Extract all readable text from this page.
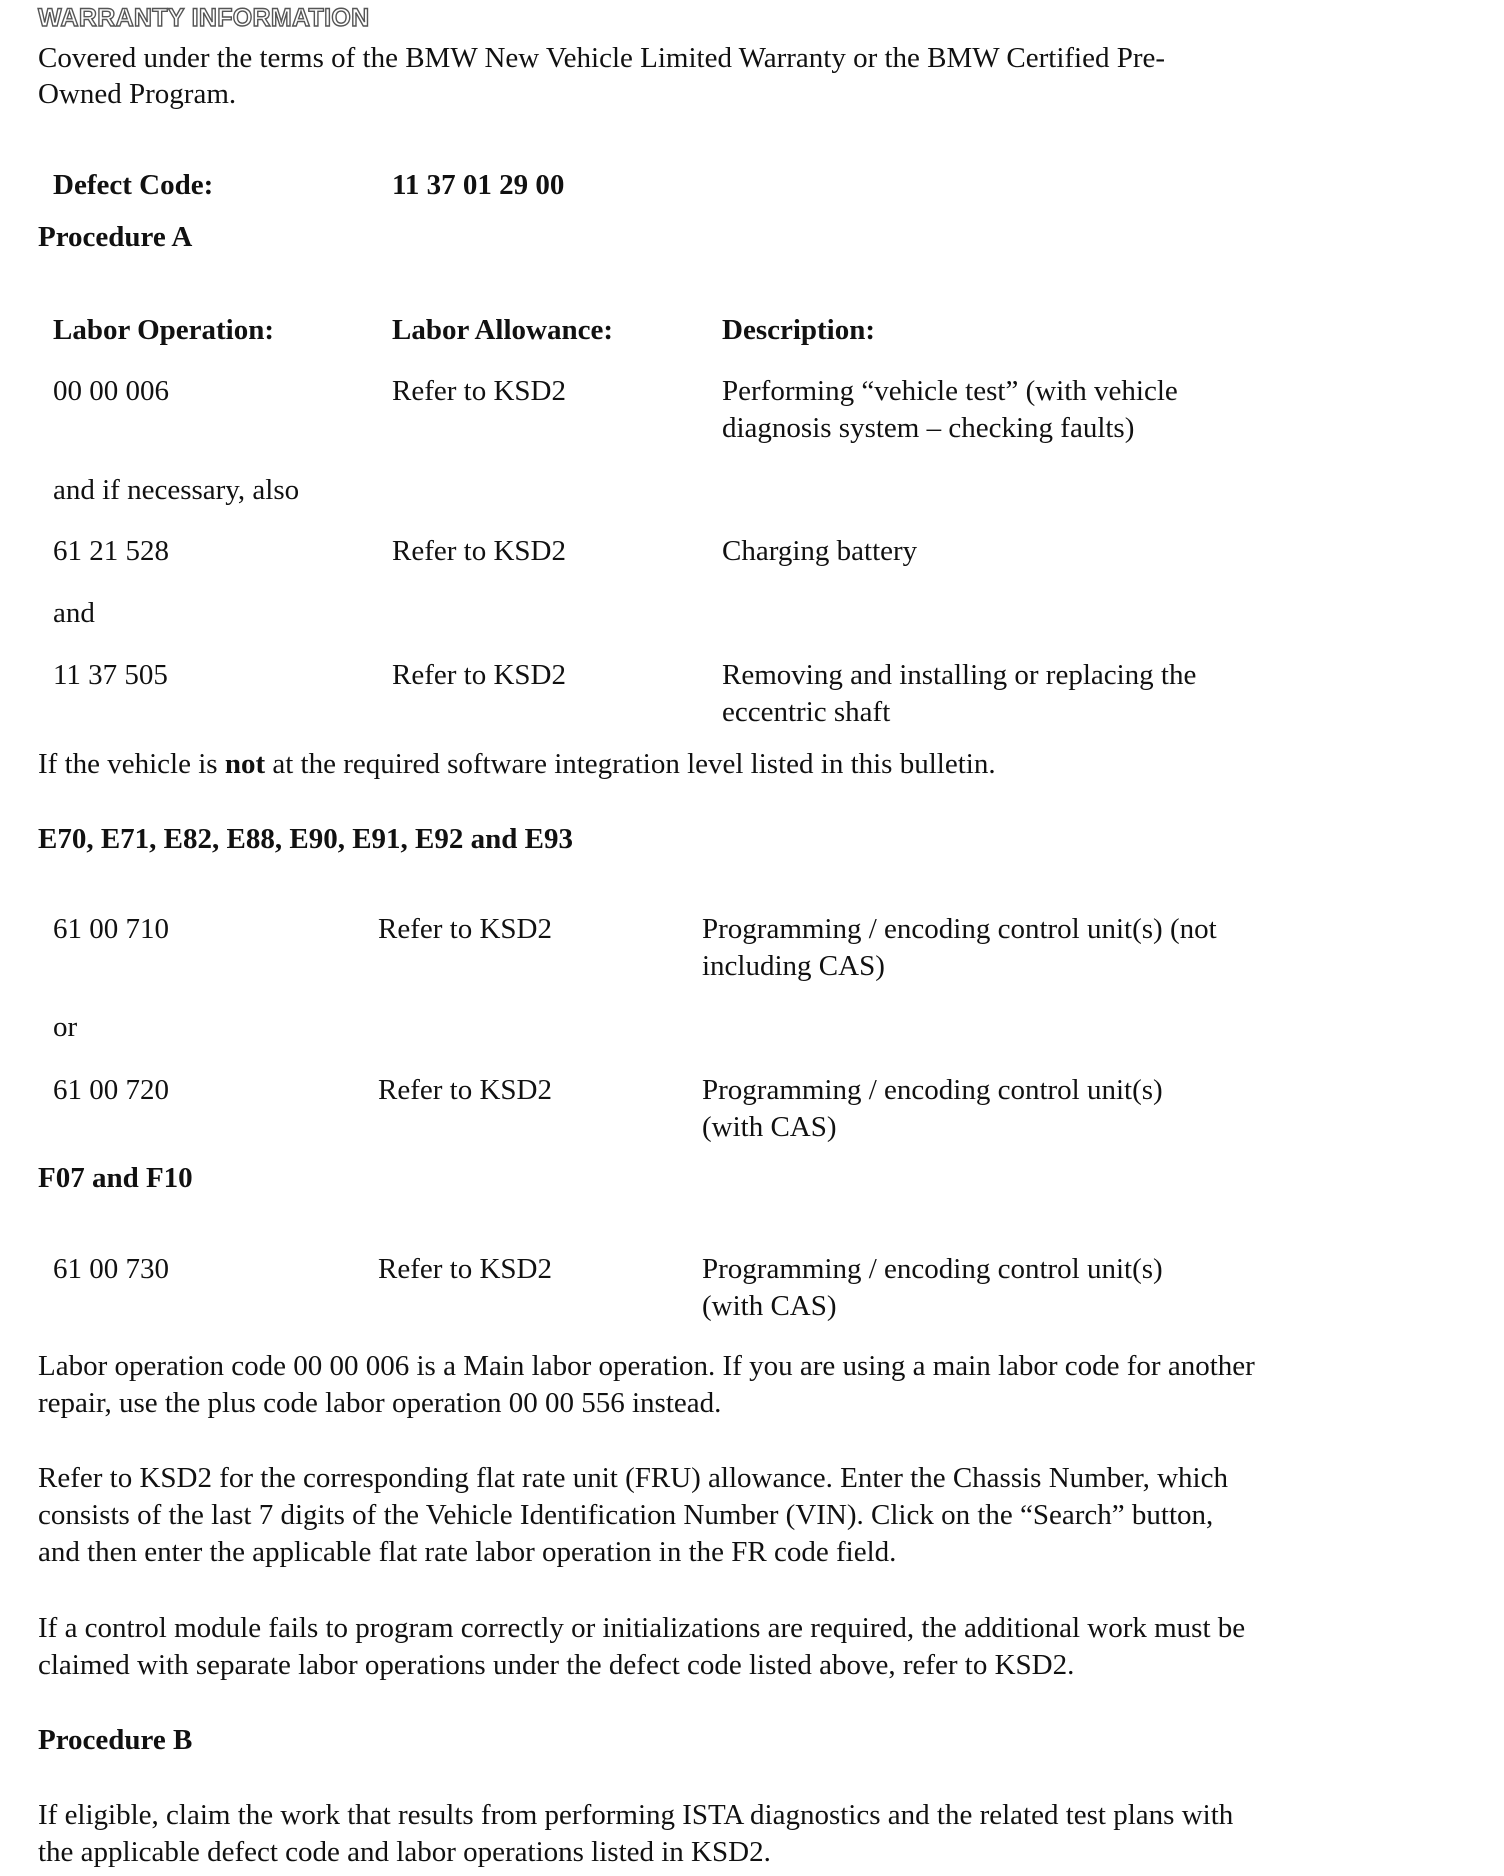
WARRANTY INFORMATION
Covered under the terms of the BMW New Vehicle Limited Warranty or the BMW Certified Pre-
Owned Program.
Defect Code:	11 37 01 29 00
Procedure A
Labor Operation:	Labor Allowance:	Description:
00 00 006	Refer to KSD2	Performing “vehicle test” (with vehicle
diagnosis system – checking faults)
and if necessary, also
61 21 528	Refer to KSD2	Charging battery
and
11 37 505	Refer to KSD2	Removing and installing or replacing the
eccentric shaft
If the vehicle is not at the required software integration level listed in this bulletin.
E70, E71, E82, E88, E90, E91, E92 and E93
61 00 710	Refer to KSD2	Programming / encoding control unit(s) (not
including CAS)
or
61 00 720	Refer to KSD2	Programming / encoding control unit(s)
(with CAS)
F07 and F10
61 00 730	Refer to KSD2	Programming / encoding control unit(s)
(with CAS)
Labor operation code 00 00 006 is a Main labor operation. If you are using a main labor code for another
repair, use the plus code labor operation 00 00 556 instead.
Refer to KSD2 for the corresponding flat rate unit (FRU) allowance. Enter the Chassis Number, which
consists of the last 7 digits of the Vehicle Identification Number (VIN). Click on the “Search” button,
and then enter the applicable flat rate labor operation in the FR code field.
If a control module fails to program correctly or initializations are required, the additional work must be
claimed with separate labor operations under the defect code listed above, refer to KSD2.
Procedure B
If eligible, claim the work that results from performing ISTA diagnostics and the related test plans with
the applicable defect code and labor operations listed in KSD2.
